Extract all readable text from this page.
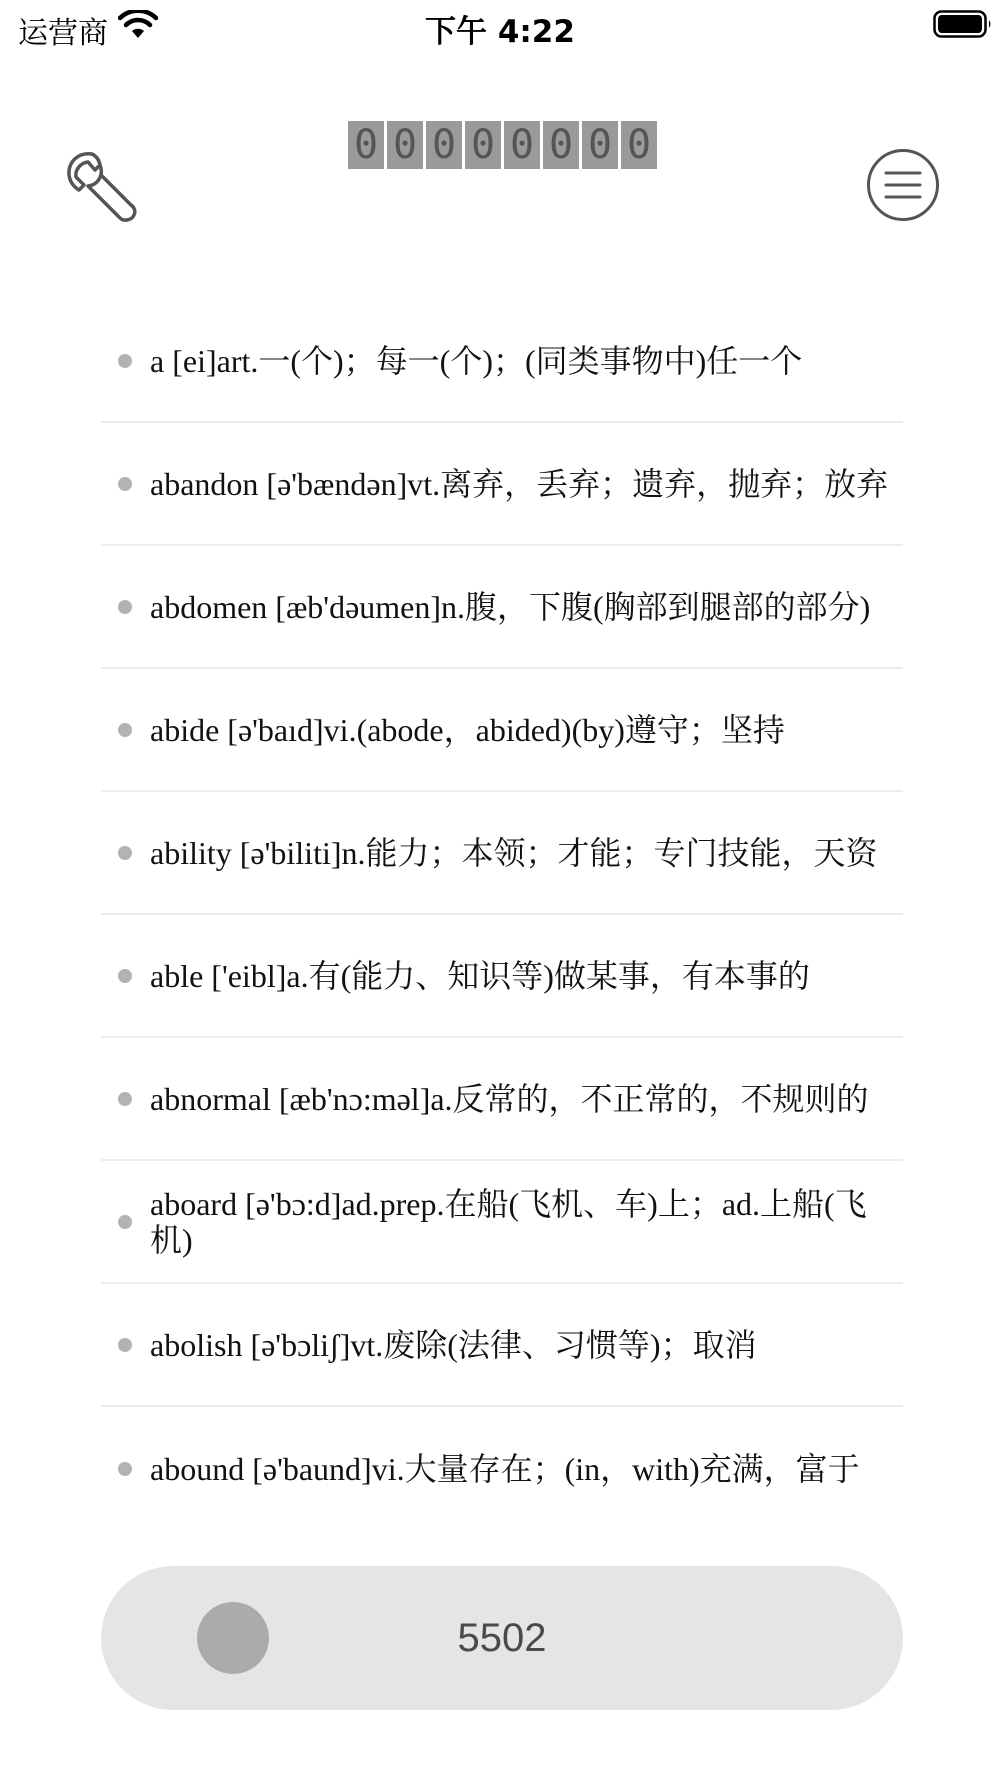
运营商	下午 4:22
0 0 0 0 0 0 0 0
a [ei]art.一(个)；每一(个)；(同类事物中)任一个
abandon [ə'bændən]vt.离弃，丢弃；遗弃，抛弃；放弃
abdomen [æb'dəumen]n.腹，下腹(胸部到腿部的部分)
abide [ə'baıd]vi.(abode，abided)(by)遵守；坚持
ability [ə'biliti]n.能力；本领；才能；专门技能，天资
able ['eibl]a.有(能力、知识等)做某事，有本事的
abnormal [æb'nɔ:məl]a.反常的，不正常的，不规则的
aboard [ə'bɔ:d]ad.prep.在船(飞机、车)上；ad.上船(飞机)
abolish [ə'bɔliʃ]vt.废除(法律、习惯等)；取消
abound [ə'baund]vi.大量存在；(in，with)充满，富于
5502
